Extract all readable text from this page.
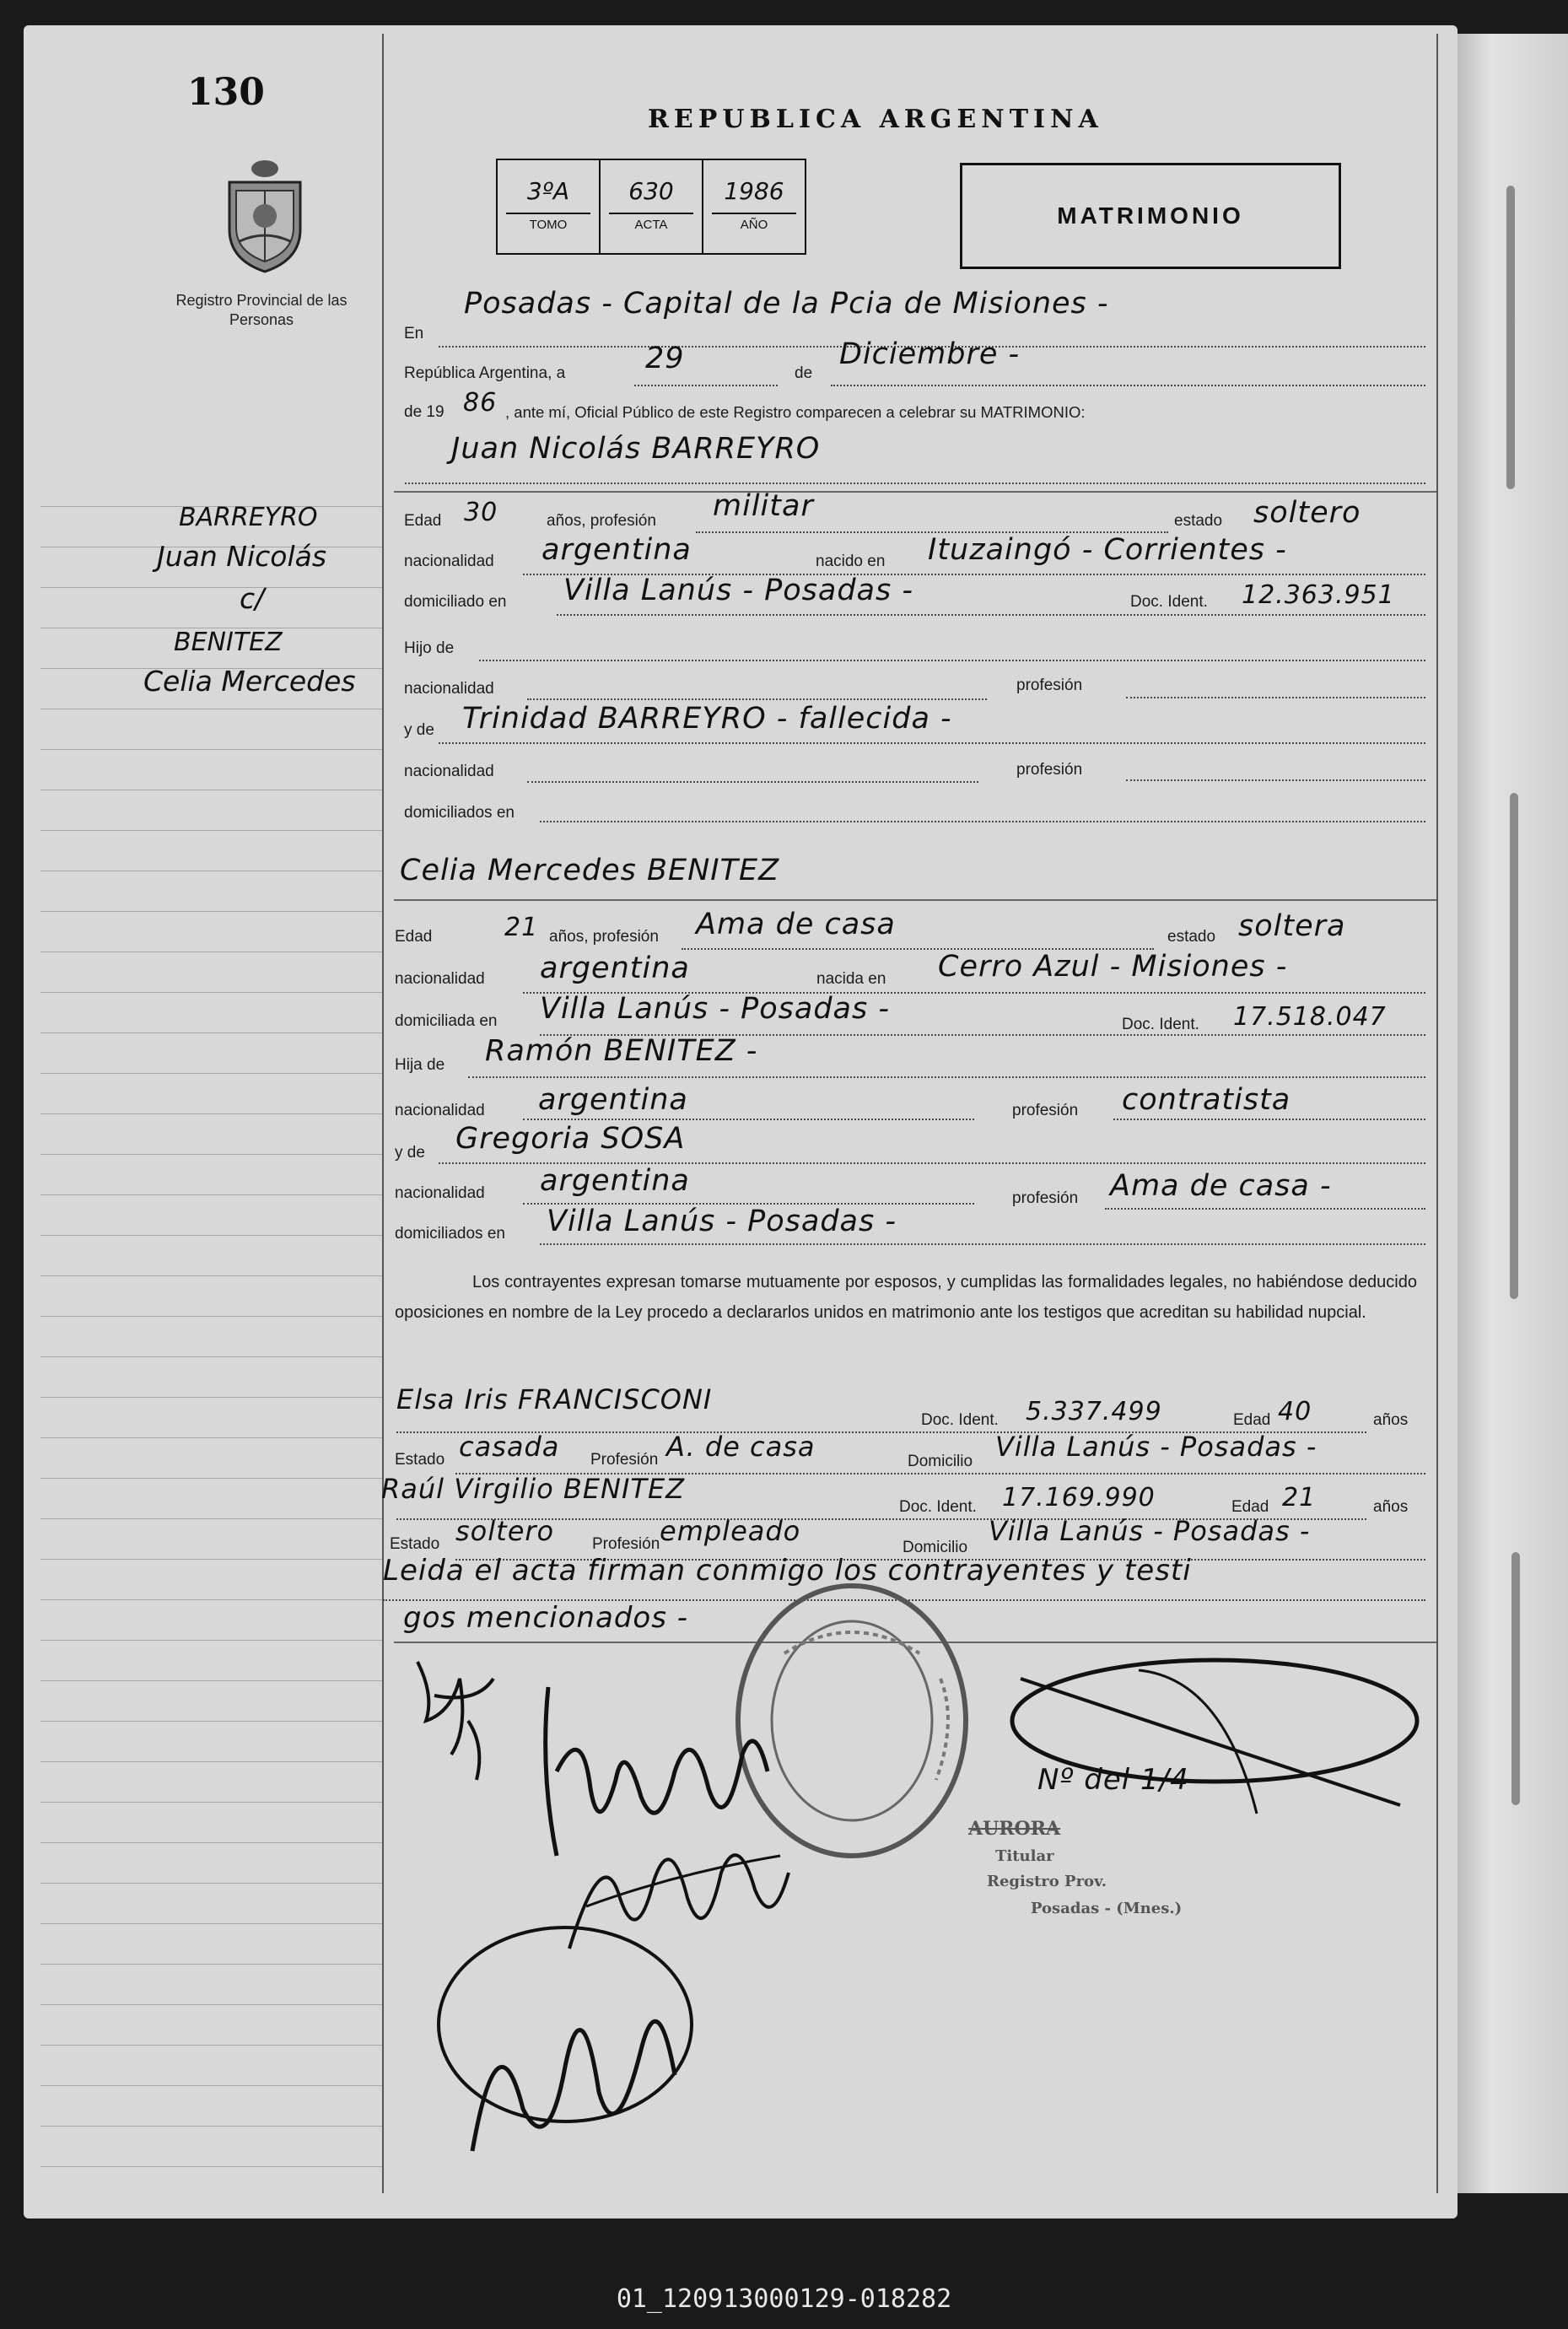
130
Registro Provincial de las Personas
REPUBLICA ARGENTINA
3ºA
TOMO
630
ACTA
1986
AÑO	MATRIMONIO
BARREYRO
Juan Nicolás
c/
BENITEZ
Celia Mercedes
En
Posadas - Capital de la Pcia de Misiones -
República Argentina, a	29	de
Diciembre -
de 19 86 , ante mí, Oficial Público de este Registro comparecen a celebrar su MATRIMONIO:
Juan Nicolás BARREYRO
Edad 30	años, profesión militar	estado soltero
nacionalidad argentina	nacido en Ituzaingó - Corrientes -
domiciliado en Villa Lanús - Posadas -	Doc. Ident. 12.363.951
Hijo de
nacionalidad	profesión
y de Trinidad BARREYRO - fallecida -
nacionalidad	profesión
domiciliados en
Celia Mercedes BENITEZ
Edad	21 años, profesión Ama de casa	estado soltera
nacionalidad argentina	nacida en Cerro Azul - Misiones -
domiciliada en Villa Lanús - Posadas -	Doc. Ident. 17.518.047
Hija de Ramón BENITEZ -
nacionalidad argentina	profesión contratista
y de Gregoria SOSA
nacionalidad argentina
profesión Ama de casa -
domiciliados en Villa Lanús - Posadas -
Los contrayentes expresan tomarse mutuamente por esposos, y cumplidas las formalidades legales, no habiéndose deducido oposiciones en nombre de la Ley procedo a declararlos unidos en matrimonio ante los testigos que acreditan su habilidad nupcial.
Elsa Iris FRANCISCONI
Doc. Ident. 5.337.499	Edad 40	años
Estado casada Profesión A. de casa	Domicilio Villa Lanús - Posadas -
Raúl Virgilio BENITEZ
Doc. Ident. 17.169.990	Edad 21	años
Estado soltero Profesión empleado
Domicilio
Villa Lanús - Posadas -
Leida el acta firman conmigo los contrayentes y testi
gos mencionados -
Nº del 1/4
AURORA
Titular
Registro Prov.
Posadas - (Mnes.)
01_120913000129-018282
